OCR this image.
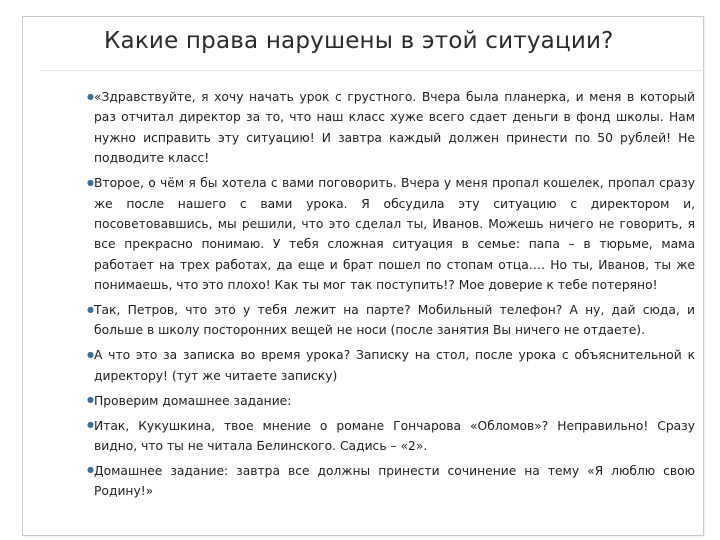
Какие права нарушены в этой ситуации?
● «Здравствуйте, я хочу начать урок с грустного. Вчера была планерка, и меня в который раз отчитал директор за то, что наш класс хуже всего сдает деньги в фонд школы. Нам нужно исправить эту ситуацию! И завтра каждый должен принести по 50 рублей! Не подводите класс!
● Второе, о чём я бы хотела с вами поговорить. Вчера у меня пропал кошелек, пропал сразу же после нашего с вами урока. Я обсудила эту ситуацию с директором и, посоветовавшись, мы решили, что это сделал ты, Иванов. Можешь ничего не говорить, я все прекрасно понимаю. У тебя сложная ситуация в семье: папа – в тюрьме, мама работает на трех работах, да еще и брат пошел по стопам отца…. Но ты, Иванов, ты же понимаешь, что это плохо! Как ты мог так поступить!? Мое доверие к тебе потеряно!
● Так, Петров, что это у тебя лежит на парте? Мобильный телефон? А ну, дай сюда, и больше в школу посторонних вещей не носи (после занятия Вы ничего не отдаете).
● А что это за записка во время урока? Записку на стол, после урока с объяснительной к директору! (тут же читаете записку)
● Проверим домашнее задание:
● Итак, Кукушкина, твое мнение о романе Гончарова «Обломов»? Неправильно! Сразу видно, что ты не читала Белинского. Садись – «2».
● Домашнее задание: завтра все должны принести сочинение на тему «Я люблю свою Родину!»
